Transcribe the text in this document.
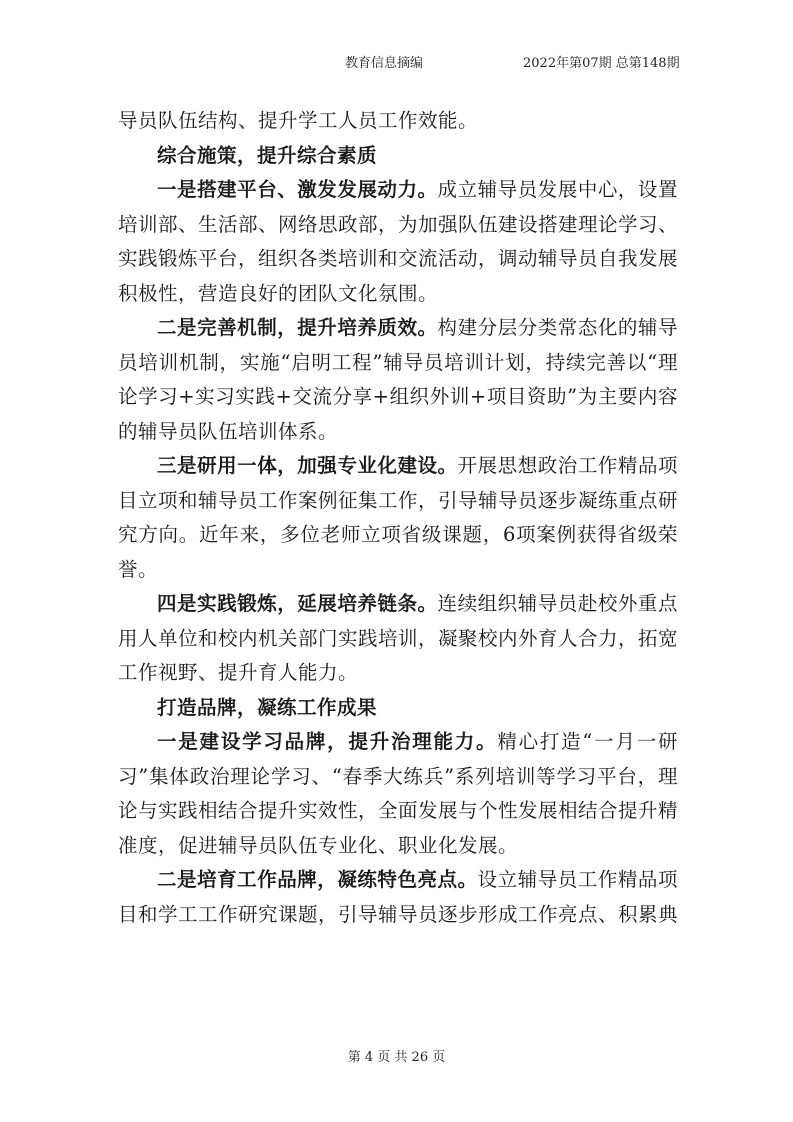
教育信息摘编	2022年第07期 总第148期

导员队伍结构、提升学工人员工作效能。

综合施策，提升综合素质

一是搭建平台、激发发展动力。成立辅导员发展中心，设置培训部、生活部、网络思政部，为加强队伍建设搭建理论学习、实践锻炼平台，组织各类培训和交流活动，调动辅导员自我发展积极性，营造良好的团队文化氛围。

二是完善机制，提升培养质效。构建分层分类常态化的辅导员培训机制，实施“启明工程”辅导员培训计划，持续完善以“理论学习+实习实践+交流分享+组织外训+项目资助”为主要内容的辅导员队伍培训体系。

三是研用一体，加强专业化建设。开展思想政治工作精品项目立项和辅导员工作案例征集工作，引导辅导员逐步凝练重点研究方向。近年来，多位老师立项省级课题，6项案例获得省级荣誉。

四是实践锻炼，延展培养链条。连续组织辅导员赴校外重点用人单位和校内机关部门实践培训，凝聚校内外育人合力，拓宽工作视野、提升育人能力。

打造品牌，凝练工作成果

一是建设学习品牌，提升治理能力。精心打造“一月一研习”集体政治理论学习、“春季大练兵”系列培训等学习平台，理论与实践相结合提升实效性，全面发展与个性发展相结合提升精准度，促进辅导员队伍专业化、职业化发展。

二是培育工作品牌，凝练特色亮点。设立辅导员工作精品项目和学工工作研究课题，引导辅导员逐步形成工作亮点、积累典

第 4 页 共 26 页
